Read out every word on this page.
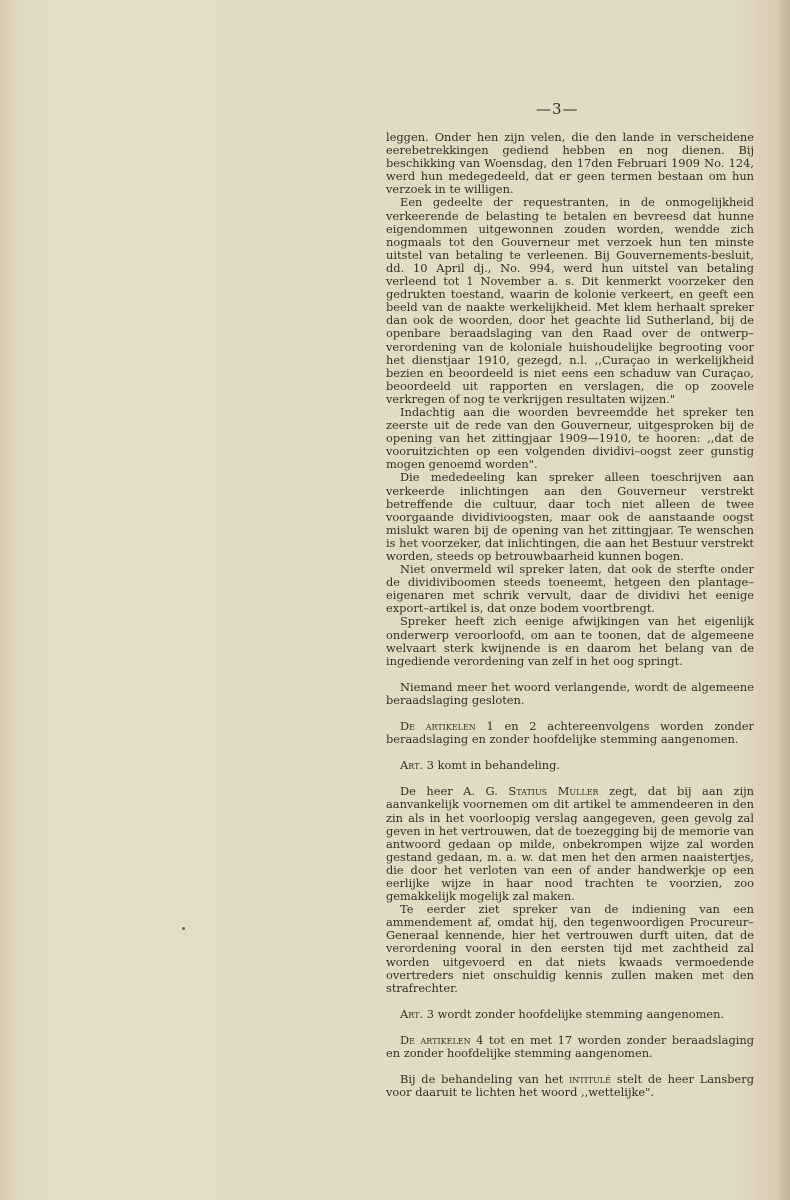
—3—

leggen. Onder hen zijn velen, die den lande in verscheidene eerebetrekkingen gediend hebben en nog dienen. Bij beschikking van Woensdag, den 17den Februari 1909 No. 124, werd hun medegedeeld, dat er geen termen bestaan om hun verzoek in te willigen.

Een gedeelte der requestranten, in de onmogelijkheid verkeerende de belasting te betalen en bevreesd dat hunne eigendommen uitgewonnen zouden worden, wendde zich nogmaals tot den Gouverneur met verzoek hun ten minste uitstel van betaling te verleenen. Bij Gouvernements-besluit, dd. 10 April dj., No. 994, werd hun uitstel van betaling verleend tot 1 November a. s. Dit kenmerkt voorzeker den gedrukten toestand, waarin de kolonie verkeert, en geeft een beeld van de naakte werkelijkheid. Met klem herhaalt spreker dan ook de woorden, door het geachte lid Sutherland, bij de openbare beraadslaging van den Raad over de ontwerp–verordening van de koloniale huishoudelijke begrooting voor het dienstjaar 1910, gezegd, n.l. ,,Curaçao in werkelijkheid bezien en beoordeeld is niet eens een schaduw van Curaçao, beoordeeld uit rapporten en verslagen, die op zoovele verkregen of nog te verkrijgen resultaten wijzen."

Indachtig aan die woorden bevreemdde het spreker ten zeerste uit de rede van den Gouverneur, uitgesproken bij de opening van het zittingjaar 1909—1910, te hooren: ,,dat de vooruitzichten op een volgenden dividivi–oogst zeer gunstig mogen genoemd worden".

Die mededeeling kan spreker alleen toeschrijven aan verkeerde inlichtingen aan den Gouverneur verstrekt betreffende die cultuur, daar toch niet alleen de twee voorgaande dividivioogsten, maar ook de aanstaande oogst mislukt waren bij de opening van het zittingjaar. Te wenschen is het voorzeker, dat inlichtingen, die aan het Bestuur verstrekt worden, steeds op betrouwbaarheid kunnen bogen.

Niet onvermeld wil spreker laten, dat ook de sterfte onder de dividiviboomen steeds toeneemt, hetgeen den plantage–eigenaren met schrik vervult, daar de dividivi het eenige export–artikel is, dat onze bodem voortbrengt.

Spreker heeft zich eenige afwijkingen van het eigenlijk onderwerp veroorloofd, om aan te toonen, dat de algemeene welvaart sterk kwijnende is en daarom het belang van de ingediende verordening van zelf in het oog springt.

Niemand meer het woord verlangende, wordt de algemeene beraadslaging gesloten.

De artikelen 1 en 2 achtereenvolgens worden zonder beraadslaging en zonder hoofdelijke stemming aangenomen.

Art. 3 komt in behandeling.

De heer A. G. Statius Muller zegt, dat bij aan zijn aanvankelijk voornemen om dit artikel te ammendeeren in den zin als in het voorloopig verslag aangegeven, geen gevolg zal geven in het vertrouwen, dat de toezegging bij de memorie van antwoord gedaan op milde, onbekrompen wijze zal worden gestand gedaan, m. a. w. dat men het den armen naaistertjes, die door het verloten van een of ander handwerkje op een eerlijke wijze in haar nood trachten te voorzien, zoo gemakkelijk mogelijk zal maken.

Te eerder ziet spreker van de indiening van een ammendement af, omdat hij, den tegenwoordigen Procureur–Generaal kennende, hier het vertrouwen durft uiten, dat de verordening vooral in den eersten tijd met zachtheid zal worden uitgevoerd en dat niets kwaads vermoedende overtreders niet onschuldig kennis zullen maken met den strafrechter.

Art. 3 wordt zonder hoofdelijke stemming aangenomen.

De artikelen 4 tot en met 17 worden zonder beraadslaging en zonder hoofdelijke stemming aangenomen.

Bij de behandeling van het intitulé stelt de heer Lansberg voor daaruit te lichten het woord ,,wettelijke".
